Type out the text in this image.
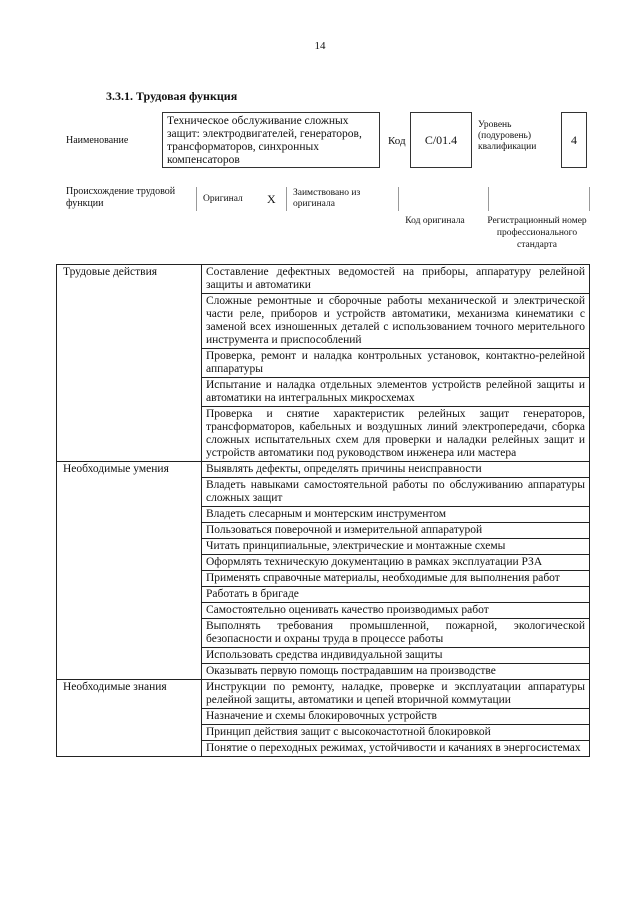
14
3.3.1. Трудовая функция
Наименование
Техническое обслуживание сложных защит: электродвигателей, генераторов, трансформаторов, синхронных компенсаторов
Код	С/01.4
Уровень (подуровень) квалификации
4
Происхождение трудовой функции	Оригинал X	Заимствовано из оригинала
Код оригинала	Регистрационный номер профессионального стандарта
Трудовые действия	Составление дефектных ведомостей на приборы, аппаратуру релейной защиты и автоматики
	Сложные ремонтные и сборочные работы механической и электрической части реле, приборов и устройств автоматики, механизма кинематики с заменой всех изношенных деталей с использованием точного мерительного инструмента и приспособлений
	Проверка, ремонт и наладка контрольных установок, контактно-релейной аппаратуры
	Испытание и наладка отдельных элементов устройств релейной защиты и автоматики на интегральных микросхемах
	Проверка и снятие характеристик релейных защит генераторов, трансформаторов, кабельных и воздушных линий электропередачи, сборка сложных испытательных схем для проверки и наладки релейных защит и устройств автоматики под руководством инженера или мастера
Необходимые умения	Выявлять дефекты, определять причины неисправности
	Владеть навыками самостоятельной работы по обслуживанию аппаратуры сложных защит
	Владеть слесарным и монтерским инструментом
	Пользоваться поверочной и измерительной аппаратурой
	Читать принципиальные, электрические и монтажные схемы
	Оформлять техническую документацию в рамках эксплуатации РЗА
	Применять справочные материалы, необходимые для выполнения работ
	Работать в бригаде
	Самостоятельно оценивать качество производимых работ
	Выполнять требования промышленной, пожарной, экологической безопасности и охраны труда в процессе работы
	Использовать средства индивидуальной защиты
	Оказывать первую помощь пострадавшим на производстве
Необходимые знания	Инструкции по ремонту, наладке, проверке и эксплуатации аппаратуры релейной защиты, автоматики и цепей вторичной коммутации
	Назначение и схемы блокировочных устройств
	Принцип действия защит с высокочастотной блокировкой
	Понятие о переходных режимах, устойчивости и качаниях в энергосистемах
